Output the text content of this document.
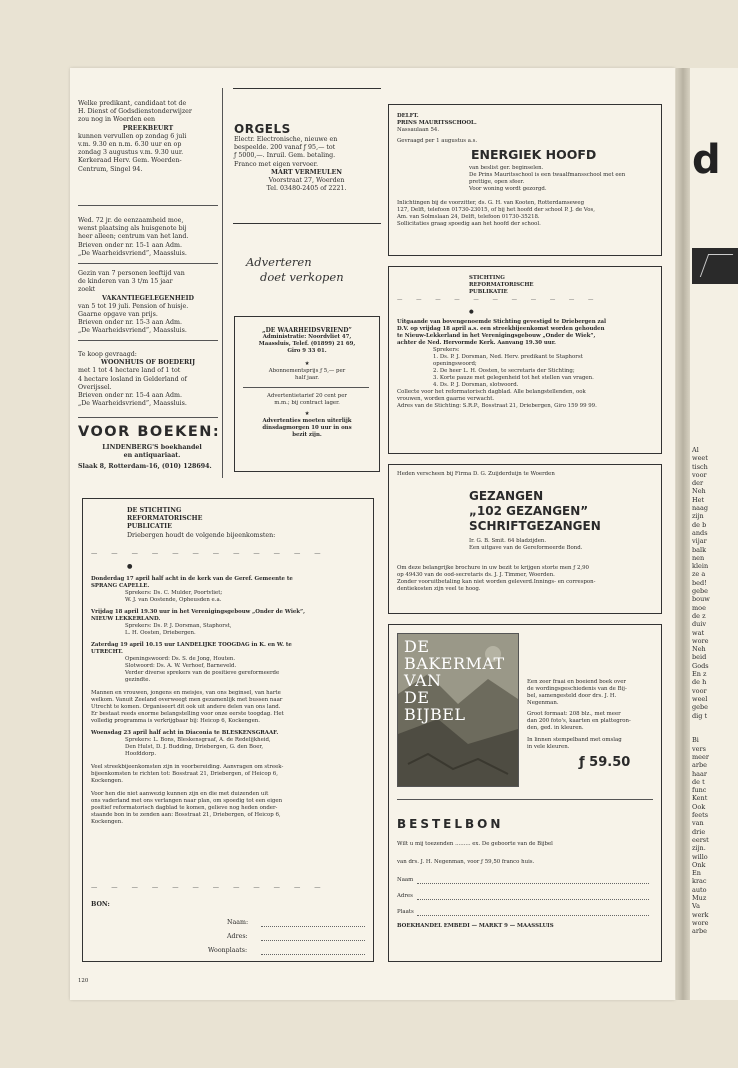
d
Al
weet
tisch
voor
der
Neh
Het
naag
zijn
de b
ands
vijar
balk
nen
klein
ze a
bed!
gebe
bouw
moe
de z
duiv
wat
wore
Neh
beid
Gods
En z
de h
voor
weel
gebe
dig t

Bi
vers
meer
arbe
haar
de t
func
Kent
Ook
feets
van
drie
eerst
zijn.
willo
Onk
En
krac
auto
Muz
Va
werk
wore
arbe
Welke predikant, candidaat tot de
H. Dienst of Godsdienstonderwijzer
zou nog in Woerden een
PREEKBEURT
kunnen vervullen op zondag 6 juli
v.m. 9.30 en n.m. 6.30 uur en op
zondag 3 augustus v.m. 9.30 uur.
Kerkeraad Herv. Gem. Woerden-
Centrum, Singel 94.
Wed. 72 jr. de eenzaamheid moe,
wenst plaatsing als huisgenote bij
heer alleen; centrum van het land.
Brieven onder nr. 15-1 aan Adm.
„De Waarheidsvriend”, Maassluis.
Gezin van 7 personen leeftijd van
de kinderen van 3 t/m 15 jaar
zoekt
VAKANTIEGELEGENHEID
van 5 tot 19 juli. Pension of huisje.
Gaarne opgave van prijs.
Brieven onder nr. 15-3 aan Adm.
„De Waarheidsvriend”, Maassluis.
Te koop gevraagd:
WOONHUIS OF BOEDERIJ
met 1 tot 4 hectare land of 1 tot
4 hectare losland in Gelderland of
Overijssel.
Brieven onder nr. 15-4 aan Adm.
„De Waarheidsvriend”, Maassluis.
VOOR BOEKEN:
LINDENBERG'S boekhandel
en antiquariaat.
Slaak 8, Rotterdam-16, (010) 128694.
ORGELS
Electr. Electronische, nieuwe en
bespeelde. 200 vanaf ƒ 95,— tot
ƒ 5000,—. Inruil. Gem. betaling.
Franco met eigen vervoer.
MART VERMEULEN
Voorstraat 27, Woerden
Tel. 03480-2405 of 2221.
Adverteren
doet verkopen
„DE WAARHEIDSVRIEND”
Administratie: Noordvliet 47,
Maassluis, Telef. (01899) 21 69,
Giro 9 33 01.
★
Abonnementsprijs ƒ 5,— per
half jaar.
Advertentietarief 20 cent per
m.m.; bij contract lager.
★
Advertenties moeten uiterlijk
dinsdagmorgen 10 uur in ons
bezit zijn.
DE STICHTING
REFORMATORISCHE
PUBLICATIE
Driebergen houdt de volgende bijeenkomsten:
— — — — — — — — — — — —
●
Donderdag 17 april half acht in de kerk van de Geref. Gemeente te
SPRANG CAPELLE.
Sprekers: Ds. C. Mulder, Poortvliet;
W. J. van Oostende, Opheusden e.a.
Vrijdag 18 april 19.30 uur in het Verenigingsgebouw „Onder de Wiek”,
NIEUW LEKKERLAND.
Sprekers: Ds. P. J. Dorsman, Staphorst,
L. H. Oosten, Driebergen.
Zaterdag 19 april 10.15 uur LANDELIJKE TOOGDAG in K. en W. te
UTRECHT.
Openingswoord: Ds. S. de Jong, Houten.
Slotwoord: Ds. A. W. Verhoef, Barneveld.
Verder diverse sprekers van de positieve gereformeerde
gezindte.
Mannen en vrouwen, jongens en meisjes, van ons beginsel, van harte
welkom. Vanuit Zeeland overweegt men gezamenlijk met bussen naar
Utrecht te komen. Organiseert dit ook uit andere delen van ons land.
Er bestaat reeds enorme belangstelling voor onze eerste toogdag. Het
volledig programma is verkrijgbaar bij: Heicop 6, Kockengen.
Woensdag 23 april half acht in Diaconia te BLESKENSGRAAF.
Sprekers: L. Bons, Bleskensgraaf, A. de Redelijkheid,
Den Hulst, D. J. Budding, Driebergen, G. den Boer,
Hoofddorp.
Veel streekbijeenkomsten zijn in voorbereiding. Aanvragen om streek-
bijeenkomsten te richten tot: Bosstraat 21, Driebergen, of Heicop 6,
Kockengen.
Voor hen die niet aanwezig kunnen zijn en die met duizenden uit
ons vaderland met ons verlangen naar plan, om spoedig tot een eigen
positief reformatorisch dagblad te komen, gelieve nog heden onder-
staande bon in te zenden aan: Bosstraat 21, Driebergen, of Heicop 6,
Kockengen.
— — — — — — — — — — — —
BON:
Naam:
Adres:
Woonplaats:
DELFT.
PRINS MAURITSSCHOOL.
Nassaulaan 54.
Gevraagd per 1 augustus a.s.
ENERGIEK HOOFD
van beslist ger. beginselen.
De Prins Mauritsschool is een twaalfmansschool met een
prettige, open sfeer.
Voor woning wordt gezorgd.
Inlichtingen bij de voorzitter, ds. G. H. van Kooten, Rotterdamseweg
127, Delft, telefoon 01730-23015, of bij het hoofd der school P. J. de Vos,
Am. van Solmslaan 24, Delft, telefoon 01730-35218.
Sollicitaties graag spoedig aan het hoofd der school.
STICHTING
REFORMATORISCHE
PUBLIKATIE
— — — — — — — — — — —
●
Uitgaande van bovengenoemde Stichting gevestigd te Driebergen zal
D.V. op vrijdag 18 april a.s. een streekbijeenkomst worden gehouden
te Nieuw-Lekkerland in het Verenigingsgebouw „Onder de Wiek”,
achter de Ned. Hervormde Kerk. Aanvang 19.30 uur.
Sprekers:
1. Ds. P. J. Dorsman, Ned. Herv. predikant te Staphorst
openingswoord;
2. De heer L. H. Oosten, te secretaris der Stichting;
3. Korte pauze met gelegenheid tot het stellen van vragen.
4. Ds. P. J. Dorsman, slotwoord.
Collecte voor het reformatorisch dagblad. Alle belangstellenden, ook
vrouwen, worden gaarne verwacht.
Adres van de Stichting: S.R.P., Bosstraat 21, Driebergen, Giro 159 99 99.
Heden verscheen bij Firma D. G. Zuijderduijn te Woerden
GEZANGEN
„102 GEZANGEN”
SCHRIFTGEZANGEN
Ir. G. B. Smit. 64 bladzijden.
Een uitgave van de Gereformeerde Bond.
Om deze belangrijke brochure in uw bezit te krijgen storte men ƒ 2,90
op 49430 van de ood-secretaris ds. J. J. Timmer, Woerden.
Zonder vooruitbetaling kan niet worden geleverd.Innings- en correspon-
dentiekosten zijn veel te hoog.
DE
BAKERMAT
VAN
DE
BIJBEL
Een zeer fraai en boeiend boek over
de wordingsgeschiedenis van de Bij-
bel, samengesteld door drs. J. H.
Negenman.
Groot formaat: 208 blz., met meer
dan 200 foto's, kaarten en plattegron-
den, ged. in kleuren.
In linnen stempelband met omslag
in vele kleuren.
ƒ 59.50
BESTELBON
Wilt u mij toezenden ......... ex. De geboorte van de Bijbel
van drs. J. H. Negenman, voor ƒ 59,50 franco huis.
Naam
Adres
Plaats
BOEKHANDEL EMBEDI — MARKT 9 — MAASSLUIS
120
